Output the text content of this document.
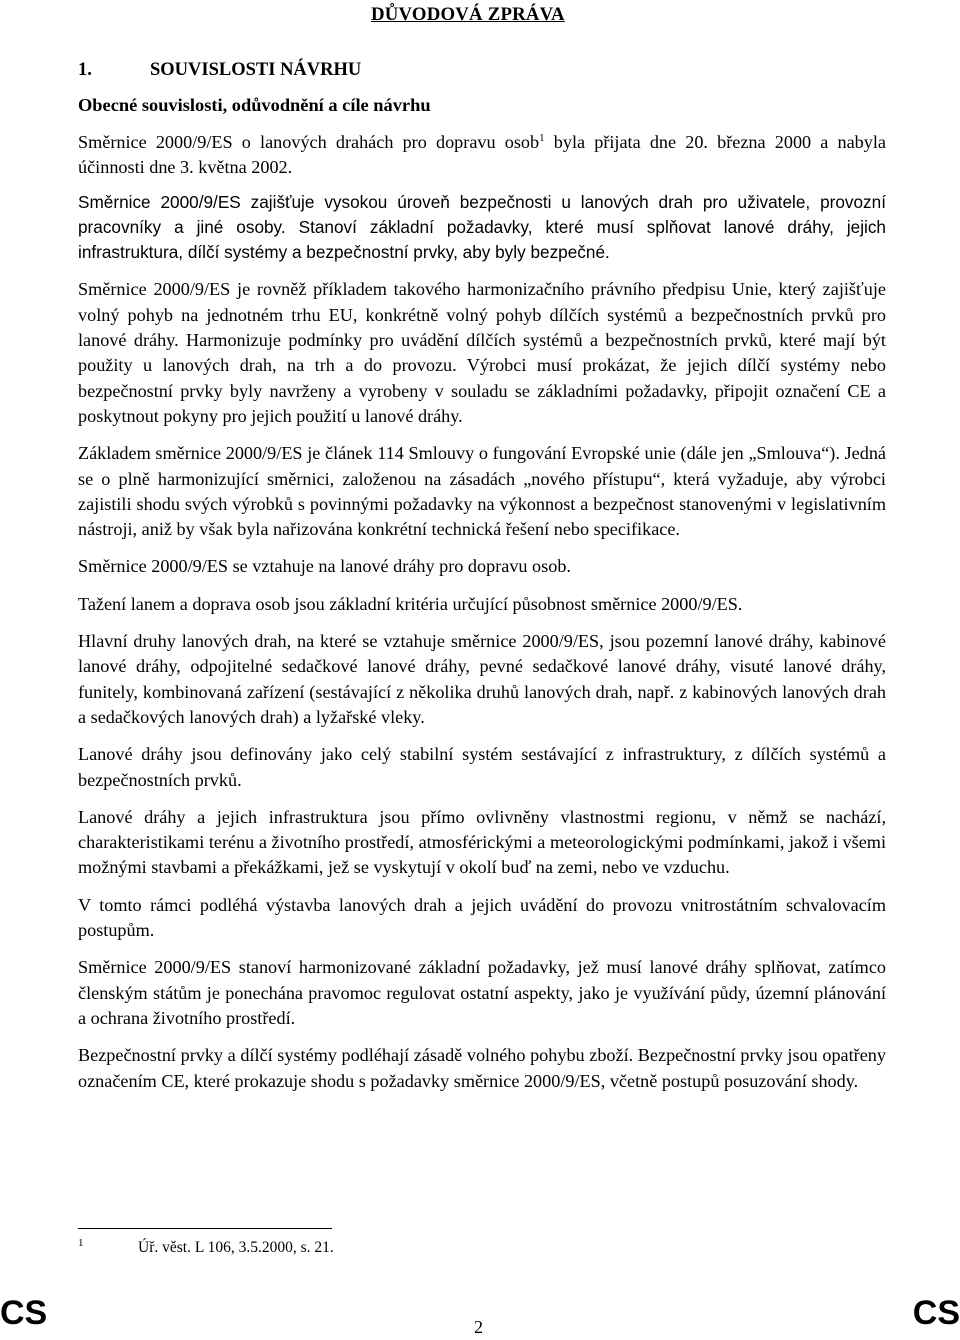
DŮVODOVÁ ZPRÁVA
1.	SOUVISLOSTI NÁVRHU
Obecné souvislosti, odůvodnění a cíle návrhu

Směrnice 2000/9/ES o lanových drahách pro dopravu osob$^1$ byla přijata dne 20. března 2000 a nabyla účinnosti dne 3. května 2002.

Směrnice 2000/9/ES zajišťuje vysokou úroveň bezpečnosti u lanových drah pro uživatele, provozní pracovníky a jiné osoby. Stanoví základní požadavky, které musí splňovat lanové dráhy, jejich infrastruktura, dílčí systémy a bezpečnostní prvky, aby byly bezpečné.

Směrnice 2000/9/ES je rovněž příkladem takového harmonizačního právního předpisu Unie, který zajišťuje volný pohyb na jednotném trhu EU, konkrétně volný pohyb dílčích systémů a bezpečnostních prvků pro lanové dráhy. Harmonizuje podmínky pro uvádění dílčích systémů a bezpečnostních prvků, které mají být použity u lanových drah, na trh a do provozu. Výrobci musí prokázat, že jejich dílčí systémy nebo bezpečnostní prvky byly navrženy a vyrobeny v souladu se základními požadavky, připojit označení CE a poskytnout pokyny pro jejich použití u lanové dráhy.

Základem směrnice 2000/9/ES je článek 114 Smlouvy o fungování Evropské unie (dále jen „Smlouva“). Jedná se o plně harmonizující směrnici, založenou na zásadách „nového přístupu“, která vyžaduje, aby výrobci zajistili shodu svých výrobků s povinnými požadavky na výkonnost a bezpečnost stanovenými v legislativním nástroji, aniž by však byla nařizována konkrétní technická řešení nebo specifikace.

Směrnice 2000/9/ES se vztahuje na lanové dráhy pro dopravu osob.

Tažení lanem a doprava osob jsou základní kritéria určující působnost směrnice 2000/9/ES.

Hlavní druhy lanových drah, na které se vztahuje směrnice 2000/9/ES, jsou pozemní lanové dráhy, kabinové lanové dráhy, odpojitelné sedačkové lanové dráhy, pevné sedačkové lanové dráhy, visuté lanové dráhy, funitely, kombinovaná zařízení (sestávající z několika druhů lanových drah, např. z kabinových lanových drah a sedačkových lanových drah) a lyžařské vleky.

Lanové dráhy jsou definovány jako celý stabilní systém sestávající z infrastruktury, z dílčích systémů a bezpečnostních prvků.

Lanové dráhy a jejich infrastruktura jsou přímo ovlivněny vlastnostmi regionu, v němž se nachází, charakteristikami terénu a životního prostředí, atmosférickými a meteorologickými podmínkami, jakož i všemi možnými stavbami a překážkami, jež se vyskytují v okolí buď na zemi, nebo ve vzduchu.

V tomto rámci podléhá výstavba lanových drah a jejich uvádění do provozu vnitrostátním schvalovacím postupům.

Směrnice 2000/9/ES stanoví harmonizované základní požadavky, jež musí lanové dráhy splňovat, zatímco členským státům je ponechána pravomoc regulovat ostatní aspekty, jako je využívání půdy, územní plánování a ochrana životního prostředí.

Bezpečnostní prvky a dílčí systémy podléhají zásadě volného pohybu zboží. Bezpečnostní prvky jsou opatřeny označením CE, které prokazuje shodu s požadavky směrnice 2000/9/ES, včetně postupů posuzování shody.

1	Úř. věst. L 106, 3.5.2000, s. 21.
CS	2	CS
